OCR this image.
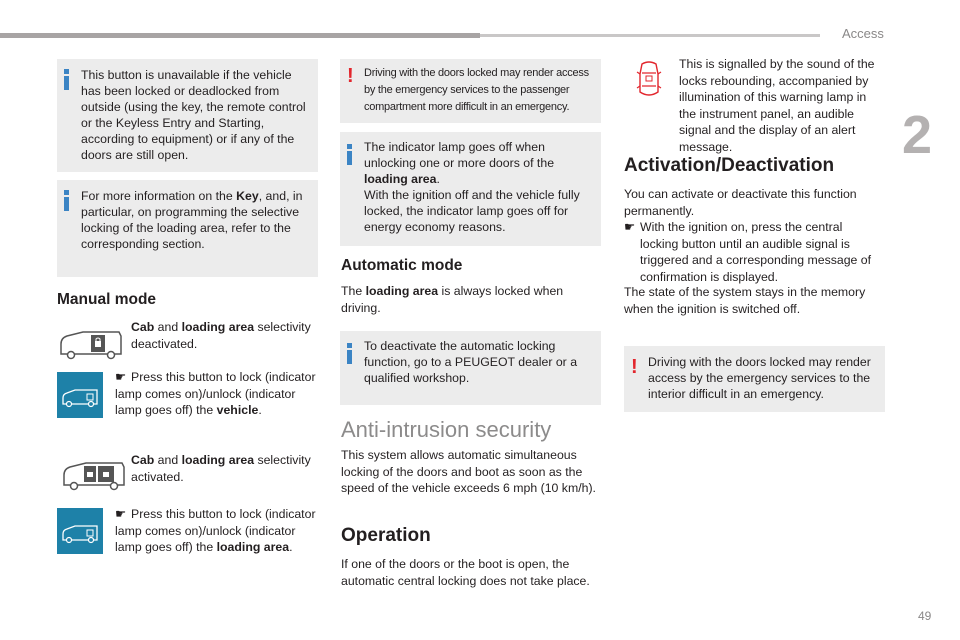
Access
2

This button is unavailable if the vehicle has been locked or deadlocked from outside (using the key, the remote control or the Keyless Entry and Starting, according to equipment) or if any of the doors are still open.

For more information on the Key, and, in particular, on programming the selective locking of the loading area, refer to the corresponding section.

Manual mode

Cab and loading area selectivity deactivated.

☛ Press this button to lock (indicator lamp comes on)/unlock (indicator lamp goes off) the vehicle.

Cab and loading area selectivity activated.

☛ Press this button to lock (indicator lamp comes on)/unlock (indicator lamp goes off) the loading area.

! Driving with the doors locked may render access by the emergency services to the passenger compartment more difficult in an emergency.

The indicator lamp goes off when unlocking one or more doors of the loading area.
With the ignition off and the vehicle fully locked, the indicator lamp goes off for energy economy reasons.

Automatic mode

The loading area is always locked when driving.

To deactivate the automatic locking function, go to a PEUGEOT dealer or a qualified workshop.

Anti-intrusion security

This system allows automatic simultaneous locking of the doors and boot as soon as the speed of the vehicle exceeds 6 mph (10 km/h).

Operation

If one of the doors or the boot is open, the automatic central locking does not take place.

This is signalled by the sound of the locks rebounding, accompanied by illumination of this warning lamp in the instrument panel, an audible signal and the display of an alert message.

Activation/Deactivation

You can activate or deactivate this function permanently.

☛ With the ignition on, press the central locking button until an audible signal is triggered and a corresponding message of confirmation is displayed.

The state of the system stays in the memory when the ignition is switched off.

! Driving with the doors locked may render access by the emergency services to the interior difficult in an emergency.

49
